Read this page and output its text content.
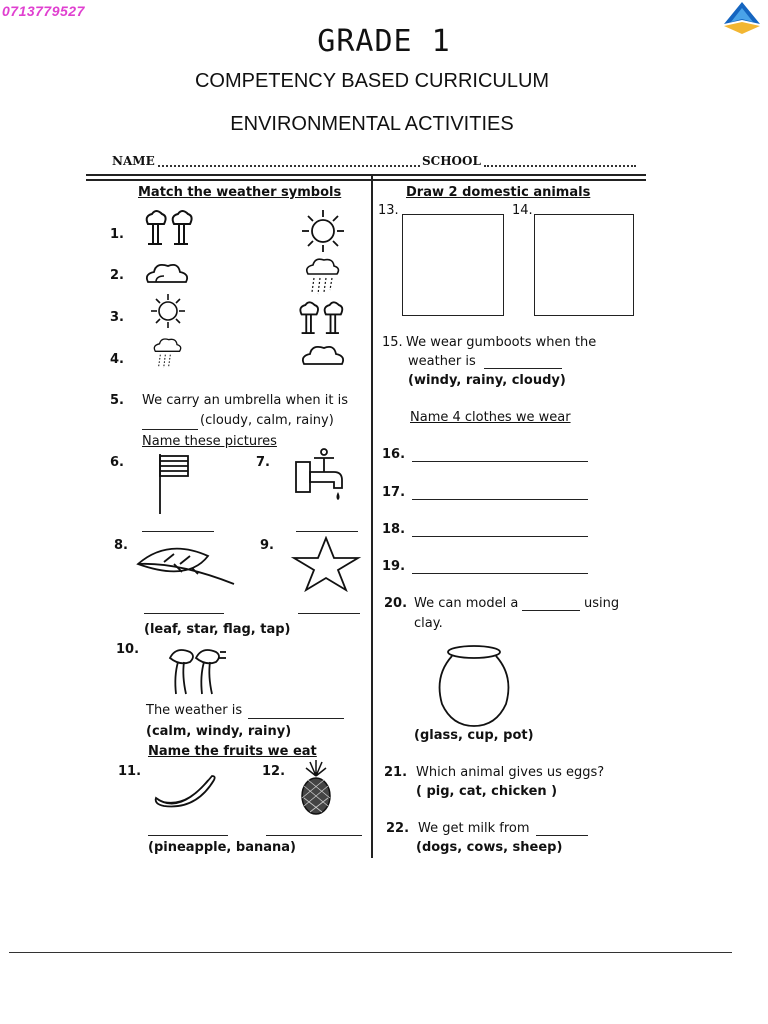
0713779527
GRADE 1
COMPETENCY BASED CURRICULUM
ENVIRONMENTAL ACTIVITIES
NAME	SCHOOL
Match the weather symbols
1.
2.
3.
4.
5. We carry an umbrella when it is
(cloudy, calm, rainy)
Name these pictures
6.	7.
8.	9.
(leaf, star, flag, tap)
10.
The weather is
(calm, windy, rainy)
Name the fruits we eat
11.	12.
(pineapple, banana)
Draw 2 domestic animals
13.	14.
15. We wear gumboots when the
weather is
(windy, rainy, cloudy)
Name 4 clothes we wear
16.
17.
18.
19.
20. We can model a	using
clay.
(glass, cup, pot)
21. Which animal gives us eggs?
( pig, cat, chicken )
22. We get milk from
(dogs, cows, sheep)
